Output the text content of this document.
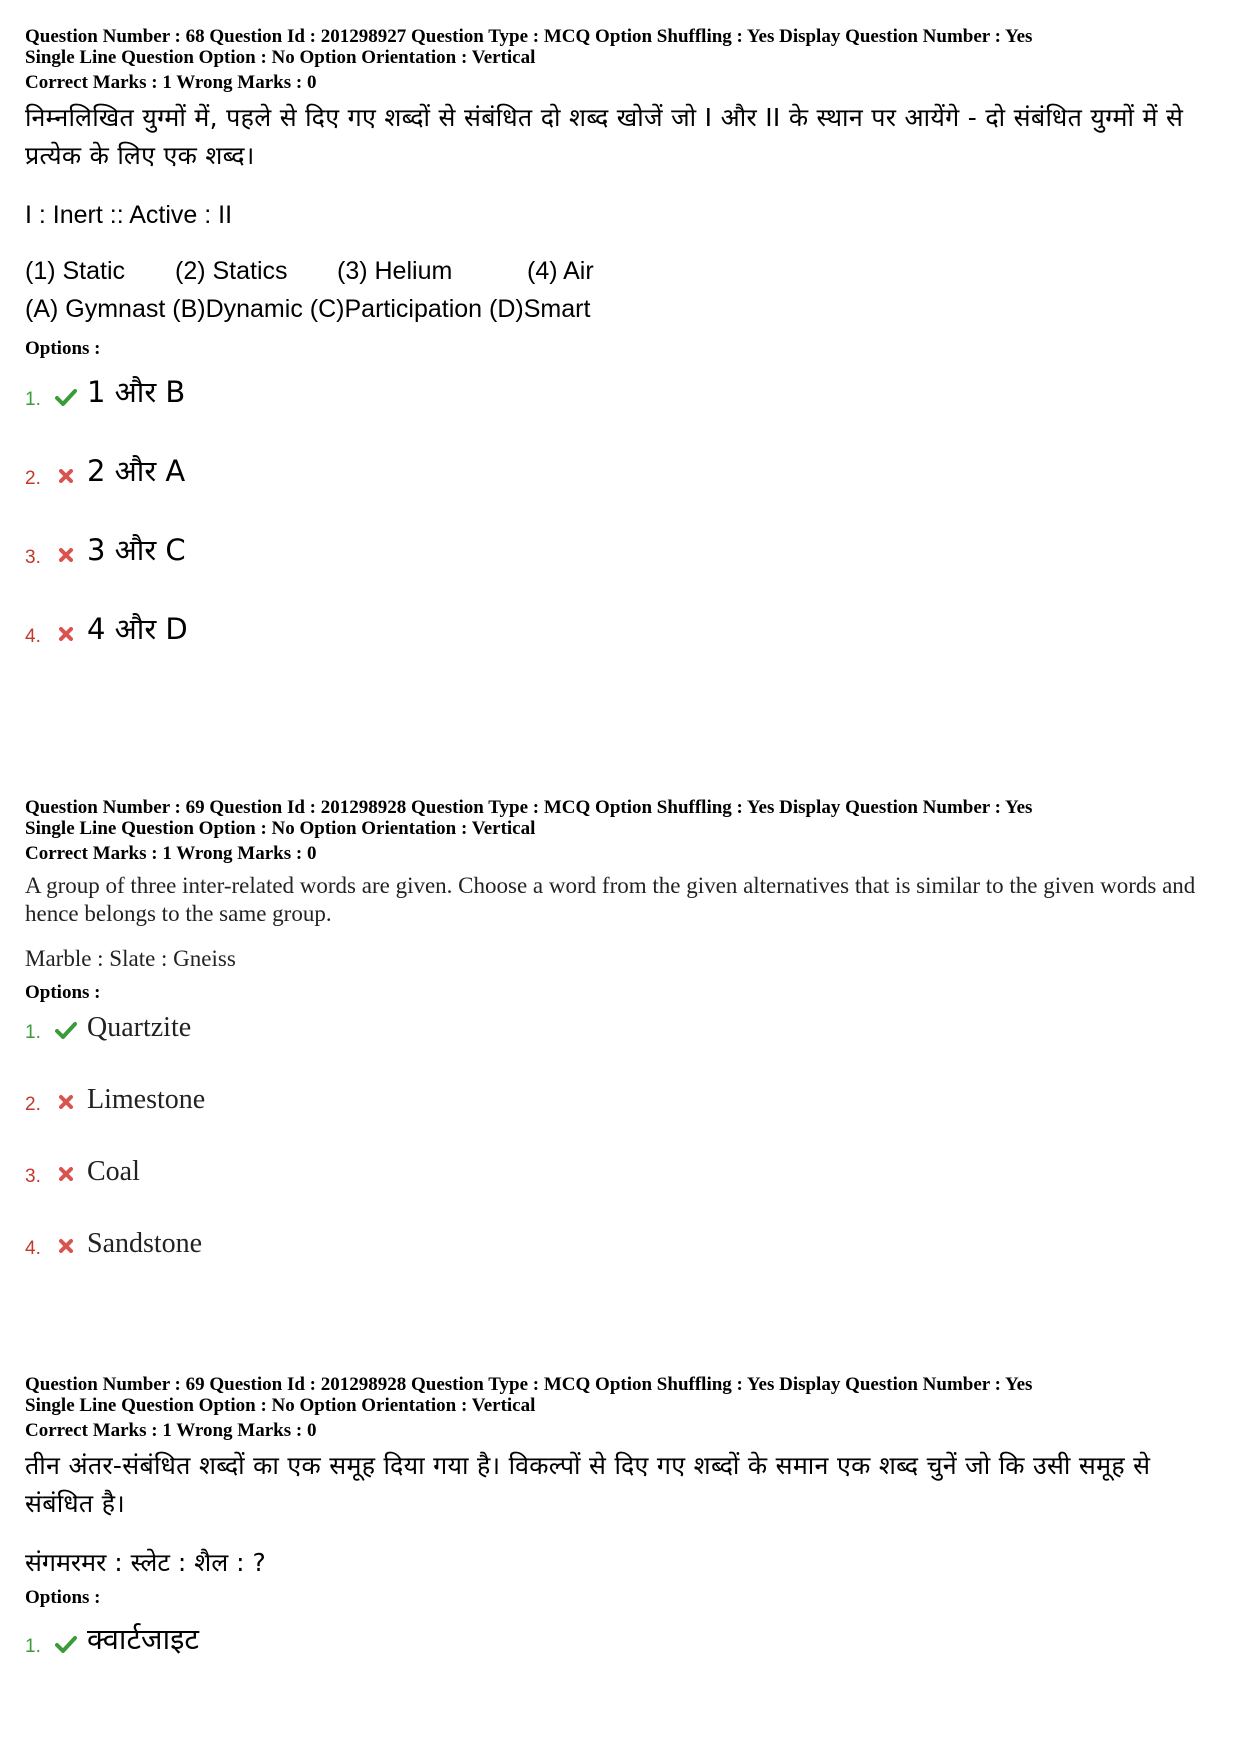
Question Number : 68 Question Id : 201298927 Question Type : MCQ Option Shuffling : Yes Display Question Number : Yes
Single Line Question Option : No Option Orientation : Vertical
Correct Marks : 1 Wrong Marks : 0
निम्नलिखित युग्मों में, पहले से दिए गए शब्दों से संबंधित दो शब्द खोजें जो I और II के स्थान पर आयेंगे - दो संबंधित युग्मों में से प्रत्येक के लिए एक शब्द।
I : Inert :: Active : II
(1) Static (2) Statics (3) Helium	(4) Air
(A) Gymnast (B)Dynamic (C)Participation (D)Smart
Options :
1.	1 और B
2.	2 और A
3.	3 और C
4.	4 और D
Question Number : 69 Question Id : 201298928 Question Type : MCQ Option Shuffling : Yes Display Question Number : Yes
Single Line Question Option : No Option Orientation : Vertical
Correct Marks : 1 Wrong Marks : 0
A group of three inter-related words are given. Choose a word from the given alternatives that is similar to the given words and hence belongs to the same group.
Marble : Slate : Gneiss
Options :
1.	Quartzite
2.	Limestone
3.	Coal
4.	Sandstone
Question Number : 69 Question Id : 201298928 Question Type : MCQ Option Shuffling : Yes Display Question Number : Yes
Single Line Question Option : No Option Orientation : Vertical
Correct Marks : 1 Wrong Marks : 0
तीन अंतर-संबंधित शब्दों का एक समूह दिया गया है। विकल्पों से दिए गए शब्दों के समान एक शब्द चुनें जो कि उसी समूह से संबंधित है।
संगमरमर : स्लेट : शैल : ?
Options :
1.	क्वार्टजाइट
